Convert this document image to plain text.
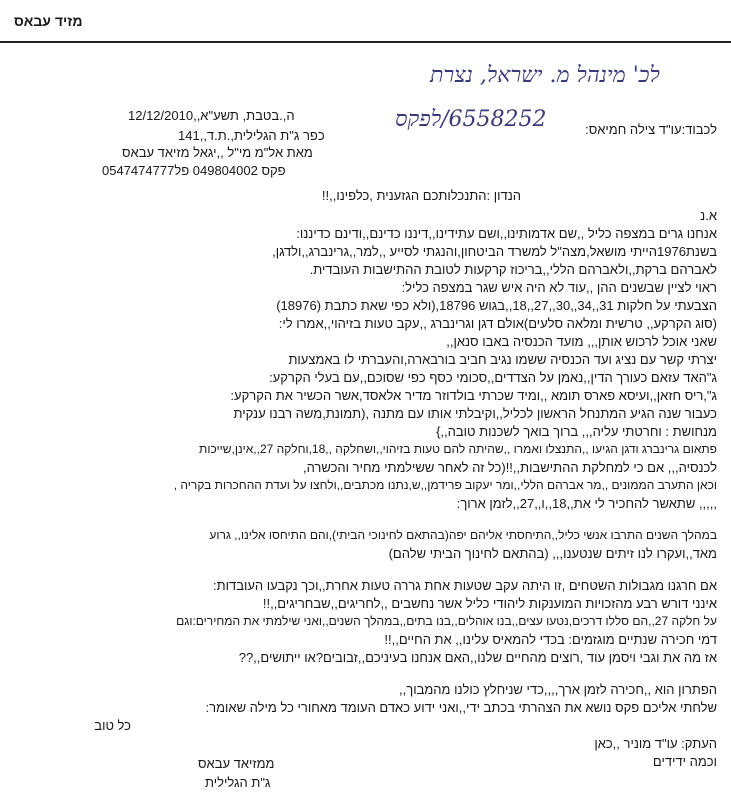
מזיד עבאס
לכ' מינהל מ. ישראל, נצרת
6558252/לפקס	לכבוד:עו"ד צילה חמיאס:
ה,.בטבת, תשע"א,,12/12/2010
כפר ג"ת הגלילית,.ת.ד,,141
מאת אל"מ מי"ל ,,יגאל מזיאד עבאס
פקס 049804002 פל0547474777
הנדון :התנכלותכם הגזענית ,כלפינו,,!!
א.נ
אנחנו גרים במצפה כליל ,,שם אדמותינו,,ושם עתידינו,,דיננו כדינם,,ודינם כדיננו:
בשנת1976הייתי מושאל,מצה"ל למשרד הביטחון,והנגתי לסייע ,,למר,,גרינברג,,ולדגן,
לאברהם ברקת,,ולאברהם הללי,,בריכוז קרקעות לטובת ההתישבות העובדית.
ראוי לציין שבשנים ההן ,,עוד לא היה איש שגר במצפה כליל:
הצבעתי על חלקות 31,,34,,30,,27,,18,,בגוש 18796,(ולא כפי שאת כתבת (18976)
(סוג הקרקע,, טרשית ומלאה סלעים)אולם דגן וגרינברג ,,עקב טעות בזיהוי,,אמרו לי:
שאני אוכל לרכוש אותן,,, מועד הכנסיה באבו סנאן,,
יצרתי קשר עם נציג ועד הכנסיה ששמו נגיב חביב בורבארה,והעברתי לו באמצעות
ג"האד עזאם כעורך הדין,,נאמן על הצדדים,,סכומי כסף כפי שסוכם,,עם בעלי הקרקע:
ג",ריס חזאן,,ועיסא פארס תומא ,,ומיד שכרתי בולדוזר מדיר אלאסד,אשר הכשיר את הקרקע:
כעבור שנה הגיע המתנחל הראשון לכליל,,וקיבלתי אותו עם מתנה ,(תמונת,משה רבנו ענקית
מנחושת : וחרטתי עליה,,, ברוך בואך לשכנות טובה,,}
פתאום גרינברג ודגן הגיעו ,,התנצלו ואמרו ,,שהיתה להם טעות בזיהוי,,ושחלקה ,,18,וחלקה 27,,אינן,שייכות
לכנסיה,,, אם כי למחלקת ההתישבות,,!!(כל זה לאחר ששילמתי מחיר והכשרה,
וכאן התערב הממונים ,,מר אברהם הללי,,ומר יעקוב פרידמן,,ש,נתנו מכתבים,,ולחצו על ועדת ההחכרות בקריה ,
,,,,, שתאשר להחכיר לי את,,18,,ו,,27,,לזמן ארוך:
במהלך השנים התרבו אנשי כליל,,התיחסתי אליהם יפה(בהתאם לחינוכי הביתי),והם התיחסו אלינו,, גרוע
מאד,,ועקרו לנו זיתים שנטענו,,, (בהתאם לחינוך הביתי שלהם)
אם חרגנו מגבולות השטחים ,זו היתה עקב שטעות אחת גררה טעות אחרת,,וכך נקבעו העובדות:
אינני דורש רבע מהזכויות המוענקות ליהודי כליל אשר נחשבים ,,לחריגים,,שבחריגים,,!!
על חלקה 27,,הם סללו דרכים,נטעו עצים,,בנו אוהלים,,בנו בתים,,במהלך השנים,,ואני שילמתי את המחירים:וגם
דמי חכירה שנתיים מוגזמים: בכדי להמאיס עלינו,, את החיים,,!!
אז מה את וגבי ויסמן עוד ,רוצים מהחיים שלנו,,האם אנחנו בעיניכם,,זבובים?או ייתושים,,??
הפתרון הוא ,,חכירה לזמן ארך,,,,כדי שניחלץ כולנו מהמבוך,,
שלחתי אליכם פקס נושא את הצהרתי בכתב ידי,,ואני ידוע כאדם העומד מאחורי כל מילה שאומר:
כל טוב
העתק: עו"ד מוניר ,,כאן
וכמה ידידים
ממזיאד עבאס
ג"ת הגלילית
